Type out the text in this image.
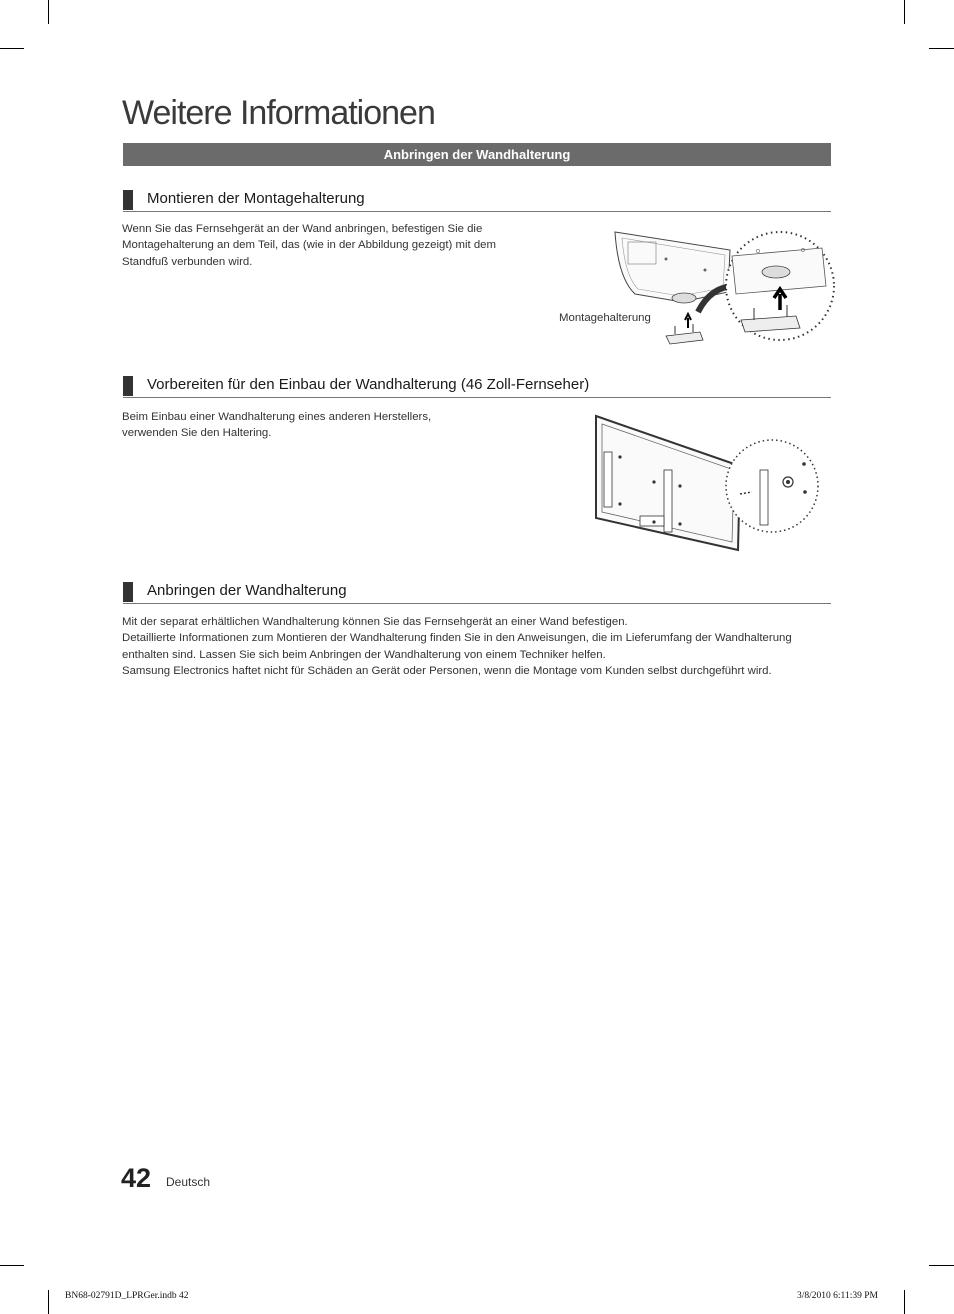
Weitere Informationen
Anbringen der Wandhalterung
Montieren der Montagehalterung

Wenn Sie das Fernsehgerät an der Wand anbringen, befestigen Sie die Montagehalterung an dem Teil, das (wie in der Abbildung gezeigt) mit dem Standfuß verbunden wird.

Montagehalterung
Vorbereiten für den Einbau der Wandhalterung (46 Zoll-Fernseher)

Beim Einbau einer Wandhalterung eines anderen Herstellers, verwenden Sie den Haltering.

Anbringen der Wandhalterung

Mit der separat erhältlichen Wandhalterung können Sie das Fernsehgerät an einer Wand befestigen.

Detaillierte Informationen zum Montieren der Wandhalterung finden Sie in den Anweisungen, die im Lieferumfang der Wandhalterung enthalten sind. Lassen Sie sich beim Anbringen der Wandhalterung von einem Techniker helfen.

Samsung Electronics haftet nicht für Schäden an Gerät oder Personen, wenn die Montage vom Kunden selbst durchgeführt wird.

42 Deutsch
BN68-02791D_LPRGer.indb 42	3/8/2010 6:11:39 PM
